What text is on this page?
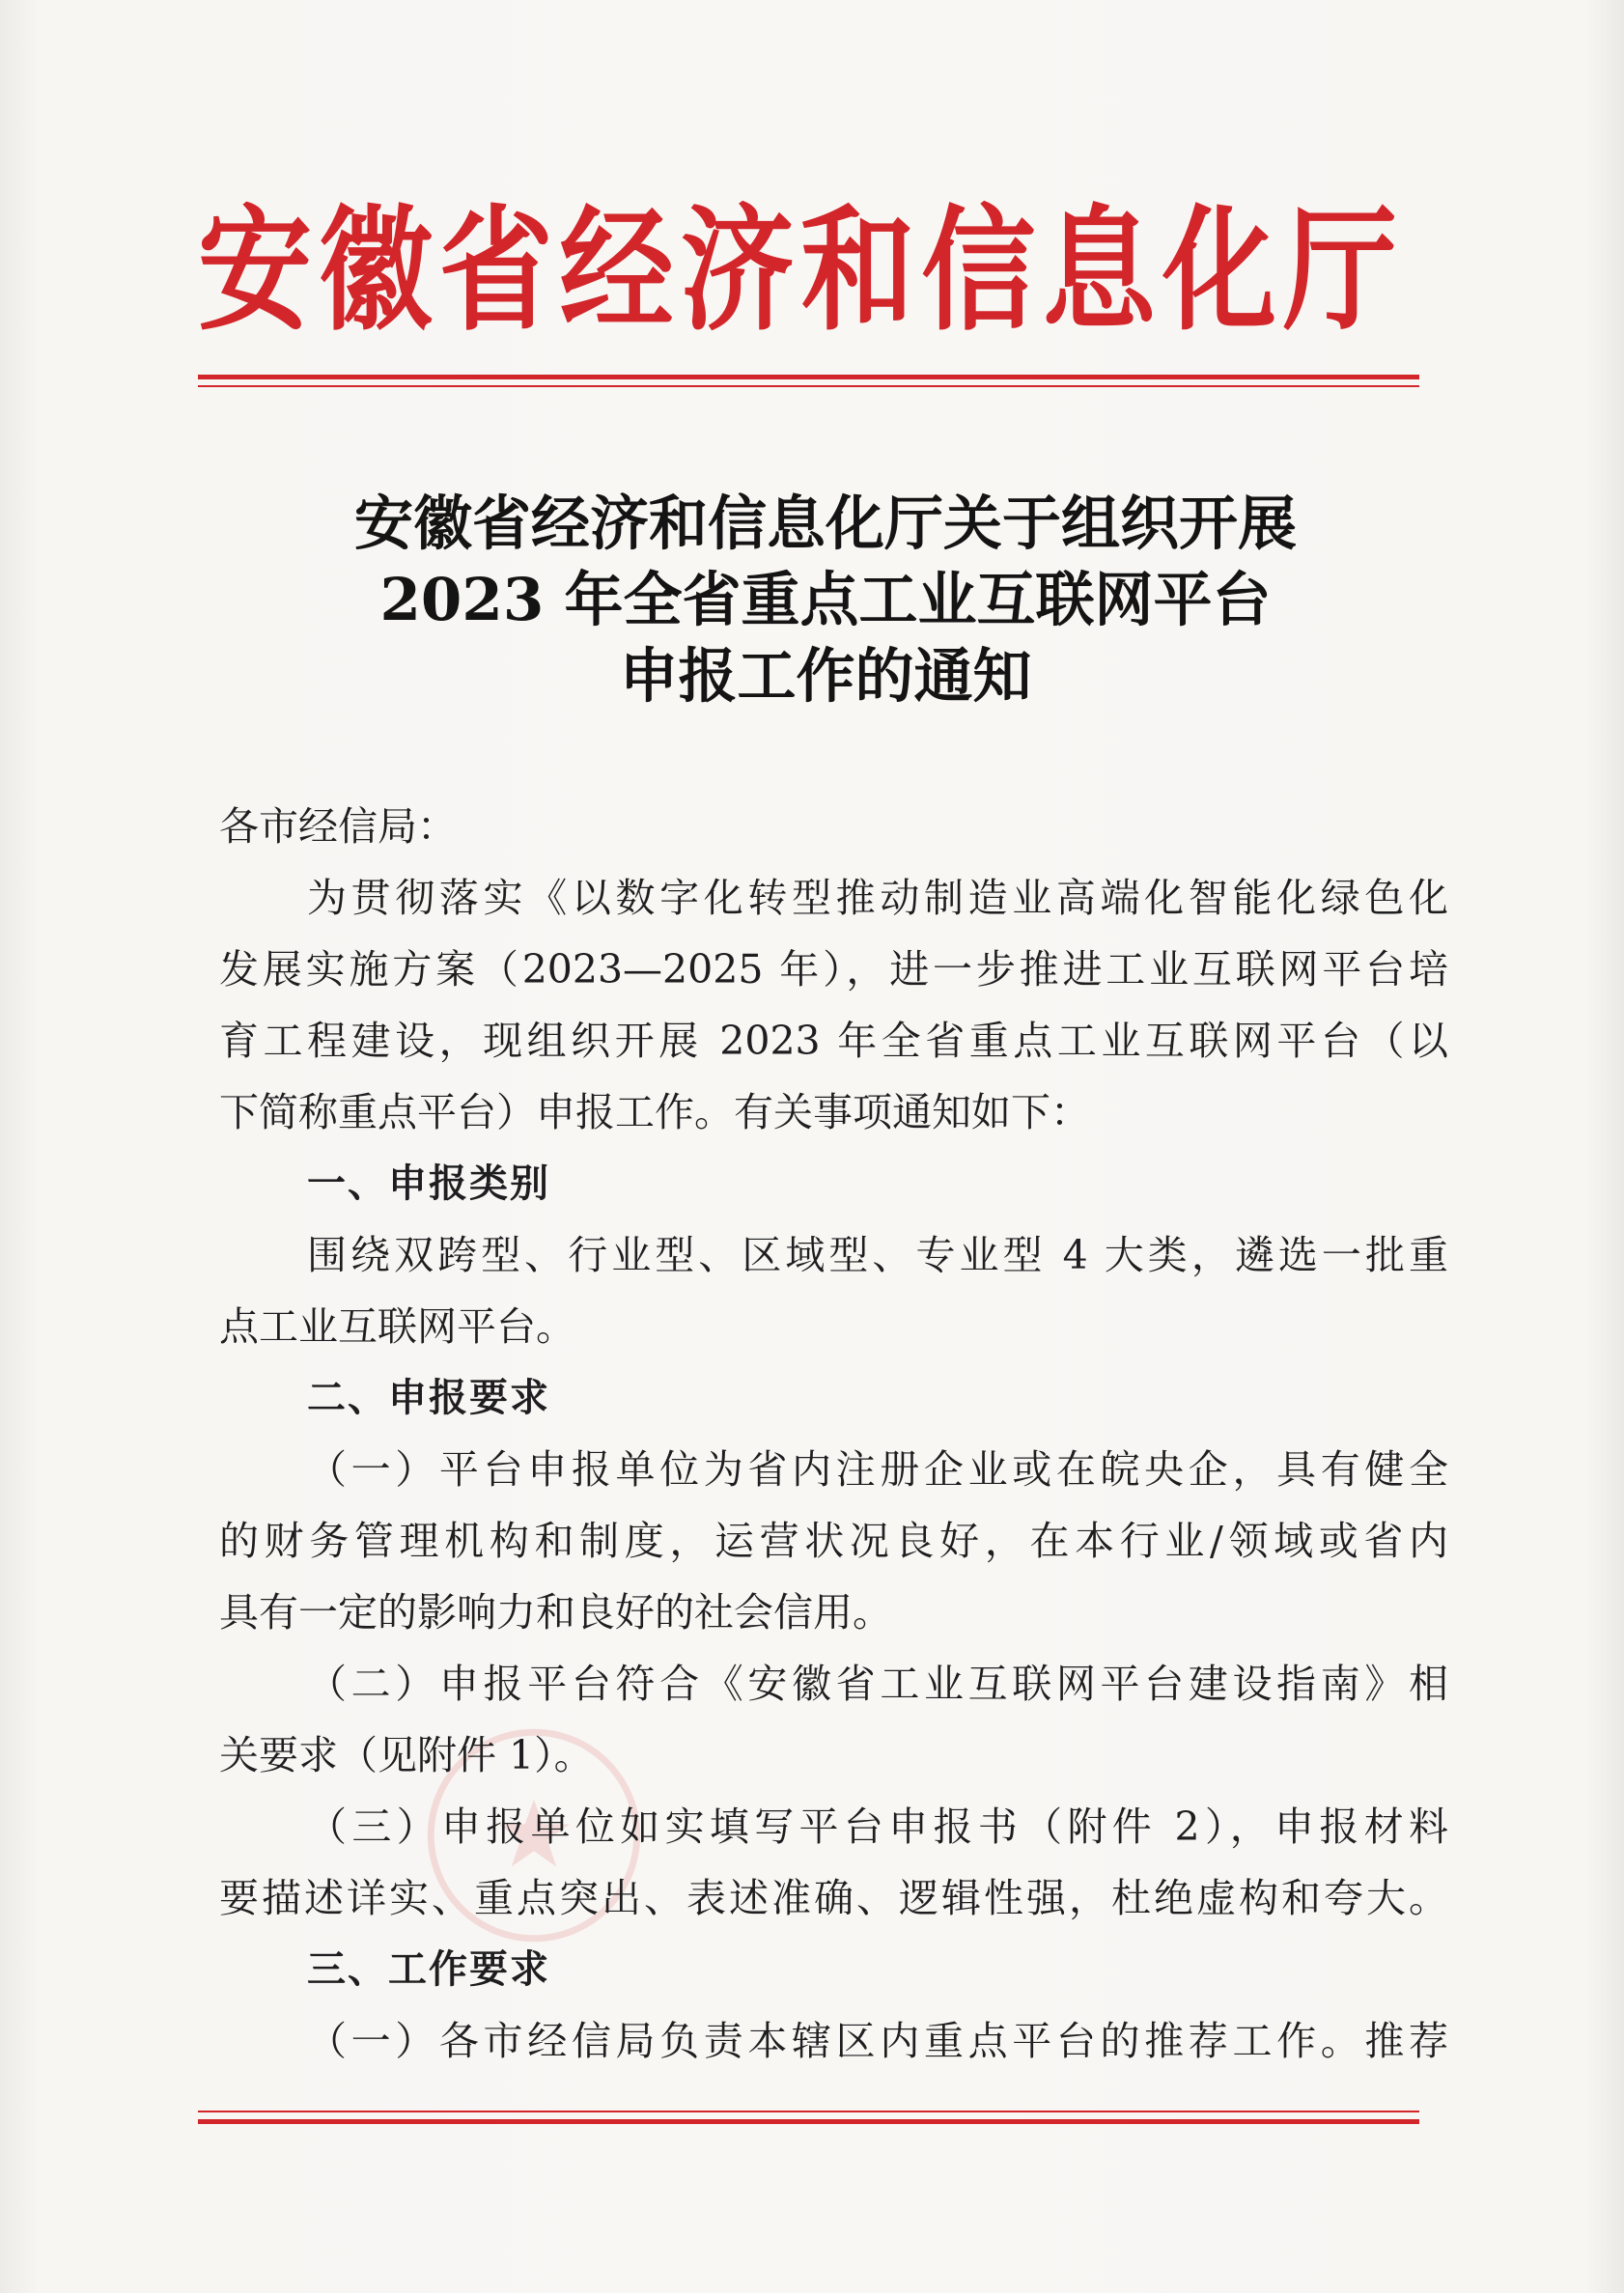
安徽省经济和信息化厅
安徽省经济和信息化厅关于组织开展
2023 年全省重点工业互联网平台
申报工作的通知
各市经信局：
为贯彻落实《以数字化转型推动制造业高端化智能化绿色化
发展实施方案（2023—2025 年），进一步推进工业互联网平台培
育工程建设，现组织开展 2023 年全省重点工业互联网平台（以
下简称重点平台）申报工作。有关事项通知如下：
一、申报类别
围绕双跨型、行业型、区域型、专业型 4 大类，遴选一批重
点工业互联网平台。
二、申报要求
（一）平台申报单位为省内注册企业或在皖央企，具有健全
的财务管理机构和制度，运营状况良好，在本行业/领域或省内
具有一定的影响力和良好的社会信用。
（二）申报平台符合《安徽省工业互联网平台建设指南》相
关要求（见附件 1）。
（三）申报单位如实填写平台申报书（附件 2），申报材料
要描述详实、重点突出、表述准确、逻辑性强，杜绝虚构和夸大。
三、工作要求
（一）各市经信局负责本辖区内重点平台的推荐工作。推荐
